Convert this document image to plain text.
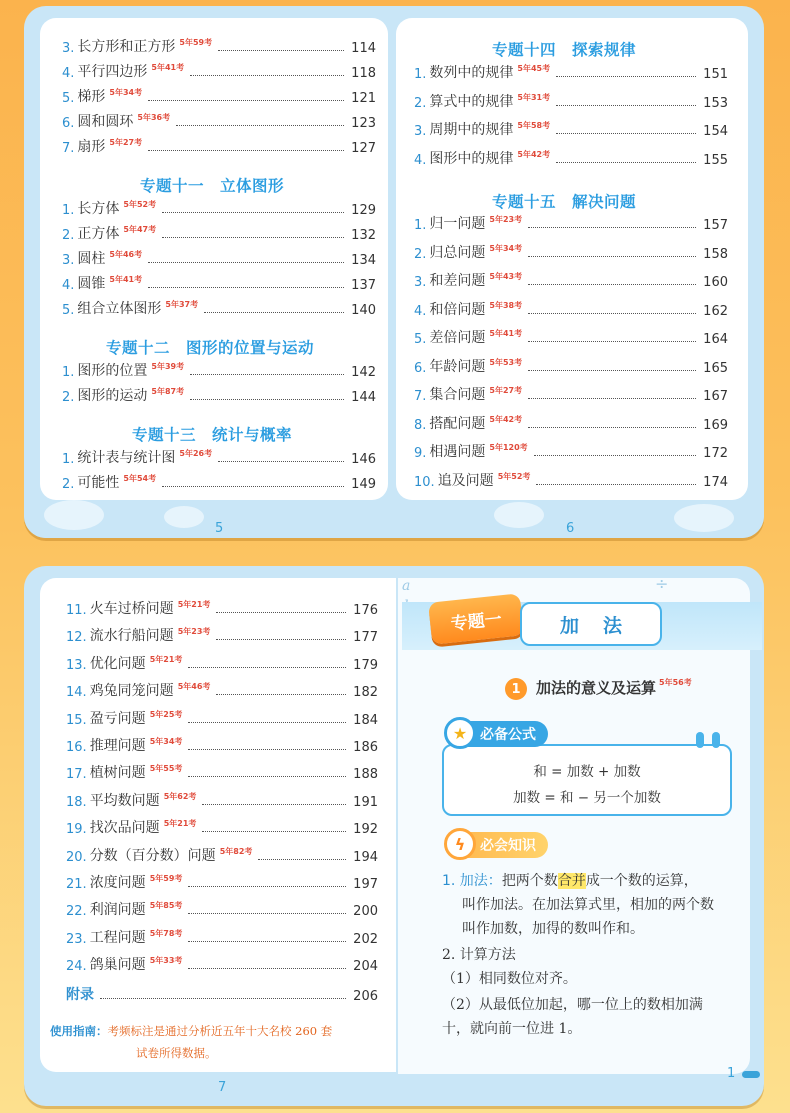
5	6
3. 长方形和正方形 5年59考	114
4. 平行四边形 5年41考	118
5. 梯形 5年34考	121
6. 圆和圆环 5年36考	123
7. 扇形 5年27考	127
专题十一 立体图形
1. 长方体 5年52考	129
2. 正方体 5年47考	132
3. 圆柱 5年46考	134
4. 圆锥 5年41考	137
5. 组合立体图形 5年37考	140
专题十二 图形的位置与运动
1. 图形的位置 5年39考	142
2. 图形的运动 5年87考	144
专题十三 统计与概率
1. 统计表与统计图 5年26考	146
2. 可能性 5年54考	149
专题十四 探索规律
1. 数列中的规律 5年45考	151
2. 算式中的规律 5年31考	153
3. 周期中的规律 5年58考	154
4. 图形中的规律 5年42考	155
专题十五 解决问题
1. 归一问题 5年23考	157
2. 归总问题 5年34考	158
3. 和差问题 5年43考	160
4. 和倍问题 5年38考	162
5. 差倍问题 5年41考	164
6. 年龄问题 5年53考	165
7. 集合问题 5年27考	167
8. 搭配问题 5年42考	169
9. 相遇问题 5年120考	172
10. 追及问题 5年52考	174
a	÷
7
1
11. 火车过桥问题 5年21考	176
12. 流水行船问题 5年23考	177
13. 优化问题 5年21考	179
14. 鸡兔同笼问题 5年46考	182
15. 盈亏问题 5年25考	184
16. 推理问题 5年34考	186
17. 植树问题 5年55考	188
18. 平均数问题 5年62考	191
19. 找次品问题 5年21考	192
20. 分数（百分数）问题 5年82考	194
21. 浓度问题 5年59考	197
22. 利润问题 5年85考	200
23. 工程问题 5年78考	202
24. 鸽巢问题 5年33考	204
附录	206
使用指南：考频标注是通过分析近五年十大名校 260 套
试卷所得数据。
专题一	加法
1	加法的意义及运算 $^{5年56考}$
和 = 加数 + 加数
加数 = 和 − 另一个加数
★ 必备公式
ϟ	必会知识
1. 加法：把两个数合并成一个数的运算，
叫作加法。在加法算式里，相加的两个数
叫作加数，加得的数叫作和。
2. 计算方法
（1）相同数位对齐。
（2）从最低位加起，哪一位上的数相加满
十，就向前一位进 1。
